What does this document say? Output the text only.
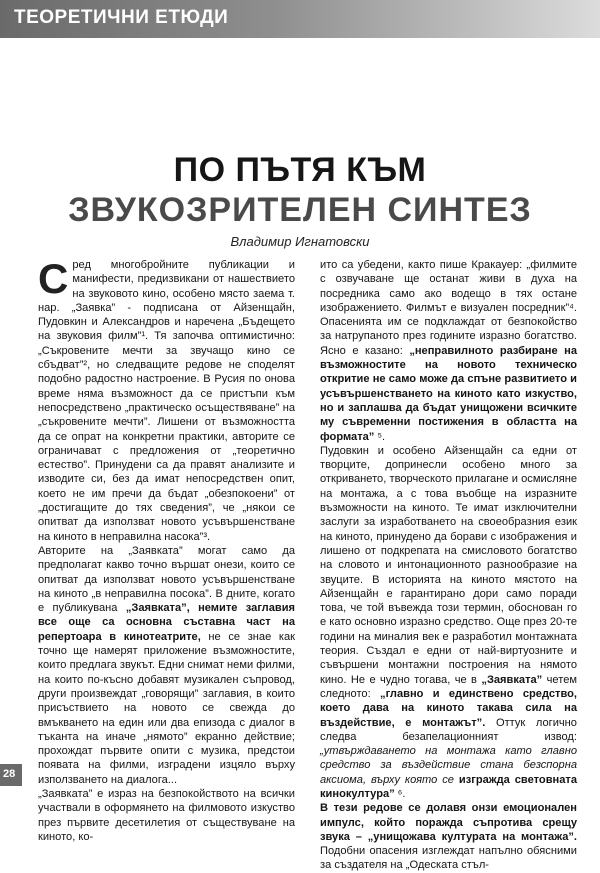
ТЕОРЕТИЧНИ ЕТЮДИ
ПО ПЪТЯ КЪМ
ЗВУКОЗРИТЕЛЕН СИНТЕЗ
Владимир Игнатовски

Сред многобройните публикации и манифести, предизвикани от нашествието на звуковото кино, особено място заема т. нар. „Заявка” - подписана от Айзенщайн, Пудовкин и Александров и наречена „Бъдещето на звуковия филм”¹. Тя започва оптимистично: „Съкровените мечти за звучащо кино се сбъдват”², но следващите редове не споделят подобно радостно настроение. В Русия по онова време няма възможност да се пристъпи към непосредствено „практическо осъществяване” на „съкровените мечти”. Лишени от възможността да се опрат на конкретни практики, авторите се ограничават с предложения от „теоретично естество”. Принудени са да правят анализите и изводите си, без да имат непосредствен опит, което не им пречи да бъдат „обезпокоени” от „достигащите до тях сведения”, че „някои се опитват да използват новото усъвършенстване на киното в неправилна насока”³.

Авторите на „Заявката” могат само да предполагат какво точно вършат онези, които се опитват да използват новото усъвършенстване на киното „в неправилна посока”. В дните, когато е публикувана „Заявката”, немите заглавия все още са основна съставна част на репертоара в кинотеатрите, не се знае как точно ще намерят приложение възможностите, които предлага звукът. Едни снимат неми филми, на които по-късно добавят музикален съпровод, други произвеждат „говорящи” заглавия, в които присъствието на новото се свежда до вмъкването на един или два епизода с диалог в тъканта на иначе „нямото” екранно действие; прохождат първите опити с музика, предстои появата на филми, изградени изцяло върху използването на диалога...

„Заявката” е израз на безпокойството на всички участвали в оформянето на филмовото изкуство през първите десетилетия от съществуване на киното, ко-

ито са убедени, както пише Кракауер: „филмите с озвучаване ще останат живи в духа на посредника само ако водещо в тях остане изображението. Филмът е визуален посредник”⁴. Опасенията им се подклаждат от безпокойство за натрупаното през годините изразно богатство. Ясно е казано: „неправилното разбиране на възможностите на новото техническо откритие не само може да спъне развитието и усъвършенстването на киното като изкуство, но и заплашва да бъдат унищожени всичките му съвременни постижения в областта на формата” ⁵.

Пудовкин и особено Айзенщайн са едни от творците, допринесли особено много за откриването, творческото прилагане и осмисляне на монтажа, а с това въобще на изразните възможности на киното. Те имат изключителни заслуги за изработването на своеобразния език на киното, принудено да борави с изображения и лишено от подкрепата на смисловото богатство на словото и интонационното разнообразие на звуците. В историята на киното мястото на Айзенщайн е гарантирано дори само поради това, че той въвежда този термин, обоснован го е като основно изразно средство. Още през 20-те години на миналия век е разработил монтажната теория. Създал е едни от най-виртуозните и съвършени монтажни построения на нямото кино. Не е чудно тогава, че в „Заявката” четем следното: „главно и единствено средство, което дава на киното такава сила на въздействие, е монтажът”. Оттук логично следва безапелационният извод: „утвърждаването на монтажа като главно средство за въздействие стана безспорна аксиома, върху която се изгражда световната кинокултура” ⁶.

В тези редове се долавя онзи емоционален импулс, който поражда съпротива срещу звука – „унищожава културата на монтажа”. Подобни опасения изглеждат напълно обясними за създателя на „Одеската стъл-

28
